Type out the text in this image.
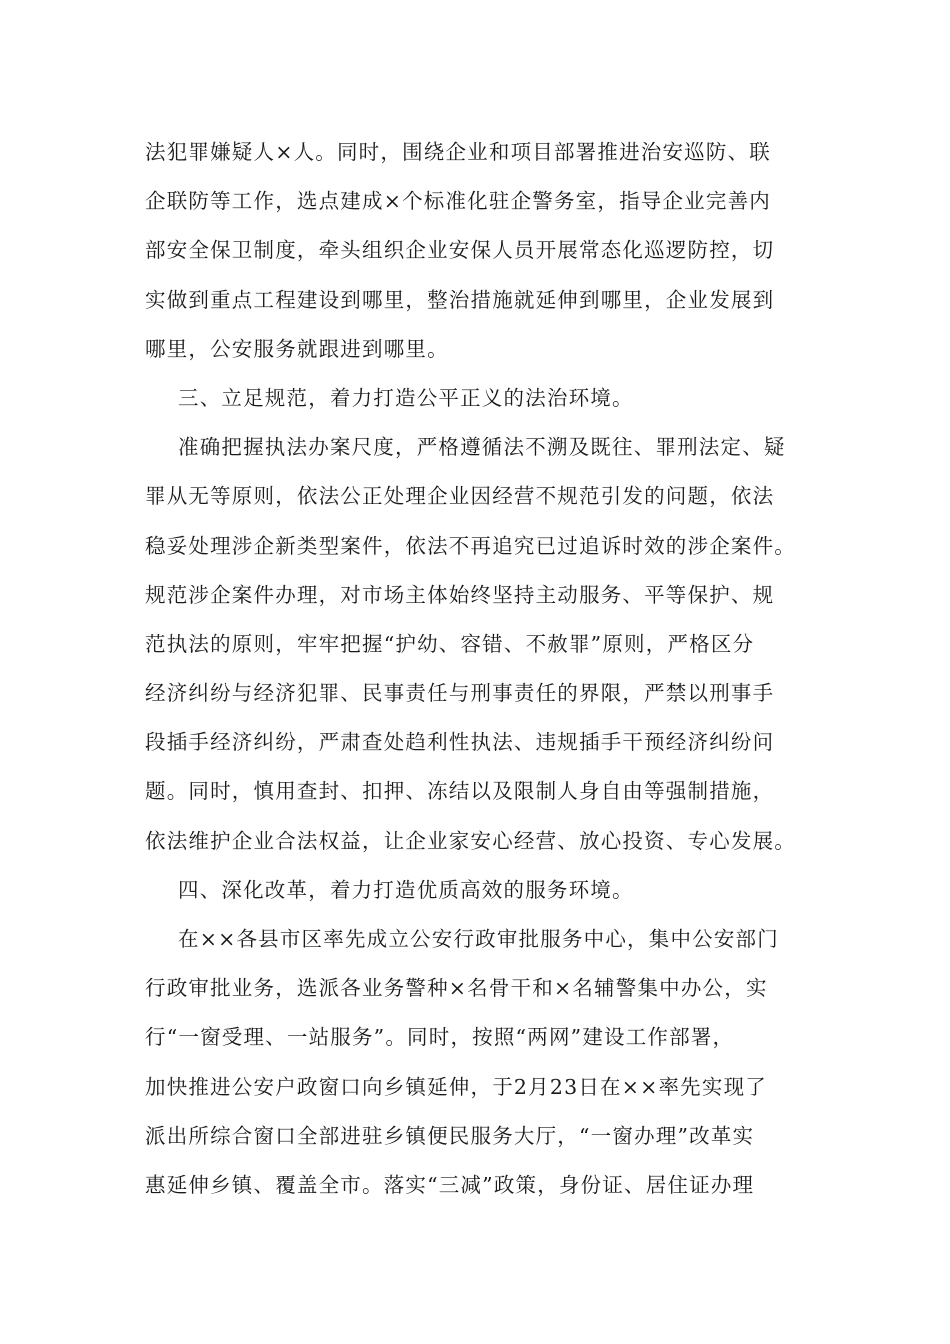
法犯罪嫌疑人×人。同时，围绕企业和项目部署推进治安巡防、联
企联防等工作，选点建成×个标准化驻企警务室，指导企业完善内
部安全保卫制度，牵头组织企业安保人员开展常态化巡逻防控，切
实做到重点工程建设到哪里，整治措施就延伸到哪里，企业发展到
哪里，公安服务就跟进到哪里。
三、立足规范，着力打造公平正义的法治环境。
准确把握执法办案尺度，严格遵循法不溯及既往、罪刑法定、疑
罪从无等原则，依法公正处理企业因经营不规范引发的问题，依法
稳妥处理涉企新类型案件，依法不再追究已过追诉时效的涉企案件。
规范涉企案件办理，对市场主体始终坚持主动服务、平等保护、规
范执法的原则，牢牢把握“护幼、容错、不赦罪”原则，严格区分
经济纠纷与经济犯罪、民事责任与刑事责任的界限，严禁以刑事手
段插手经济纠纷，严肃查处趋利性执法、违规插手干预经济纠纷问
题。同时，慎用查封、扣押、冻结以及限制人身自由等强制措施，
依法维护企业合法权益，让企业家安心经营、放心投资、专心发展。
四、深化改革，着力打造优质高效的服务环境。
在××各县市区率先成立公安行政审批服务中心，集中公安部门
行政审批业务，选派各业务警种×名骨干和×名辅警集中办公，实
行“一窗受理、一站服务”。同时，按照“两网”建设工作部署，
加快推进公安户政窗口向乡镇延伸，于2月23日在××率先实现了
派出所综合窗口全部进驻乡镇便民服务大厅，“一窗办理”改革实
惠延伸乡镇、覆盖全市。落实“三减”政策，身份证、居住证办理
